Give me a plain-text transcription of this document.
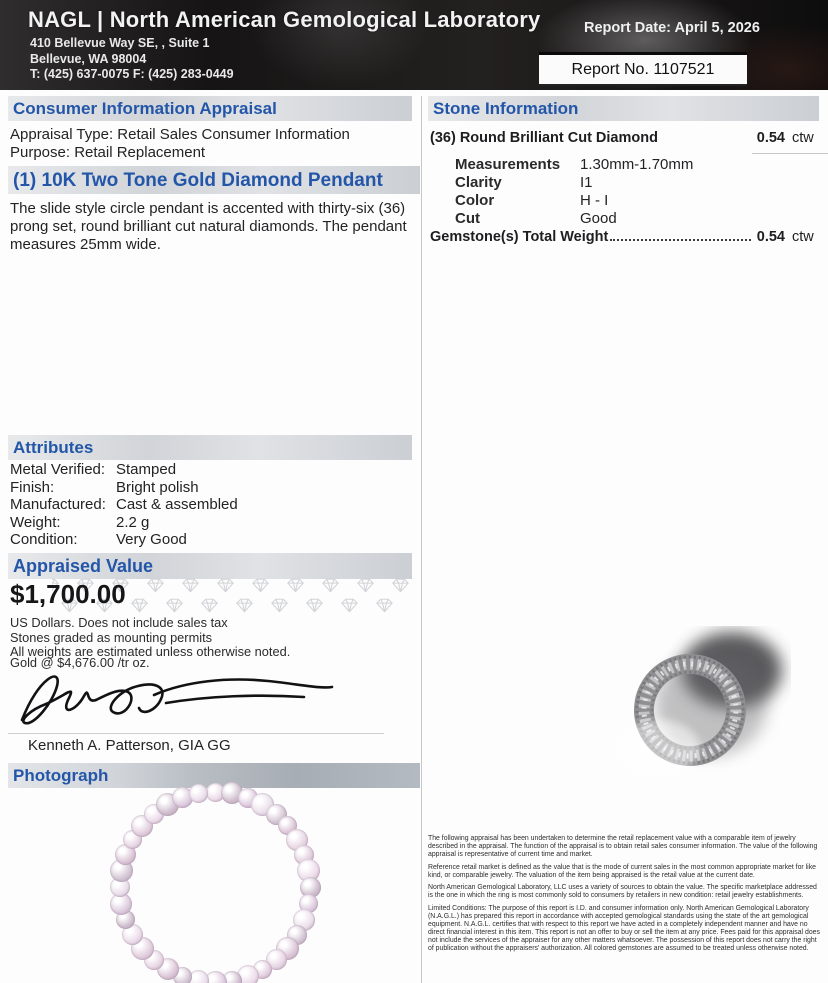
NAGL | North American Gemological Laboratory
410 Bellevue Way SE, , Suite 1
Bellevue, WA 98004
T: (425) 637-0075 F: (425) 283-0449
Report Date: April 5, 2026
Report No. 1107521
Consumer Information Appraisal
Appraisal Type: Retail Sales Consumer Information
Purpose: Retail Replacement
(1) 10K Two Tone Gold Diamond Pendant
The slide style circle pendant is accented with thirty-six (36) prong set, round brilliant cut natural diamonds. The pendant measures 25mm wide.
Attributes
Metal Verified: Stamped
Finish:	Bright polish
Manufactured: Cast & assembled
Weight:	2.2 g
Condition:	Very Good
Appraised Value
$1,700.00
US Dollars. Does not include sales tax
Stones graded as mounting permits
All weights are estimated unless otherwise noted.
Gold @ $4,676.00 /tr oz.
Kenneth A. Patterson, GIA GG
Photograph
Stone Information
(36) Round Brilliant Cut Diamond	0.54 ctw
Measurements	1.30mm-1.70mm
Clarity	I1
Color	H - I
Cut	Good
Gemstone(s) Total Weight	0.54 ctw

The following appraisal has been undertaken to determine the retail replacement value with a comparable item of jewelry described in the appraisal. The function of the appraisal is to obtain retail sales consumer information. The value of the following appraisal is representative of current time and market.

Reference retail market is defined as the value that is the mode of current sales in the most common appropriate market for like kind, or comparable jewelry. The valuation of the item being appraised is the retail value at the current date.

North American Gemological Laboratory, LLC uses a variety of sources to obtain the value. The specific marketplace addressed is the one in which the ring is most commonly sold to consumers by retailers in new condition: retail jewelry establishments.

Limited Conditions: The purpose of this report is I.D. and consumer information only. North American Gemological Laboratory (N.A.G.L.) has prepared this report in accordance with accepted gemological standards using the state of the art gemological equipment. N.A.G.L. certifies that with respect to this report we have acted in a completely independent manner and have no direct financial interest in this item. This report is not an offer to buy or sell the item at any price. Fees paid for this appraisal does not include the services of the appraiser for any other matters whatsoever. The possession of this report does not carry the right of publication without the appraisers' authorization. All colored gemstones are assumed to be treated unless otherwise noted.
